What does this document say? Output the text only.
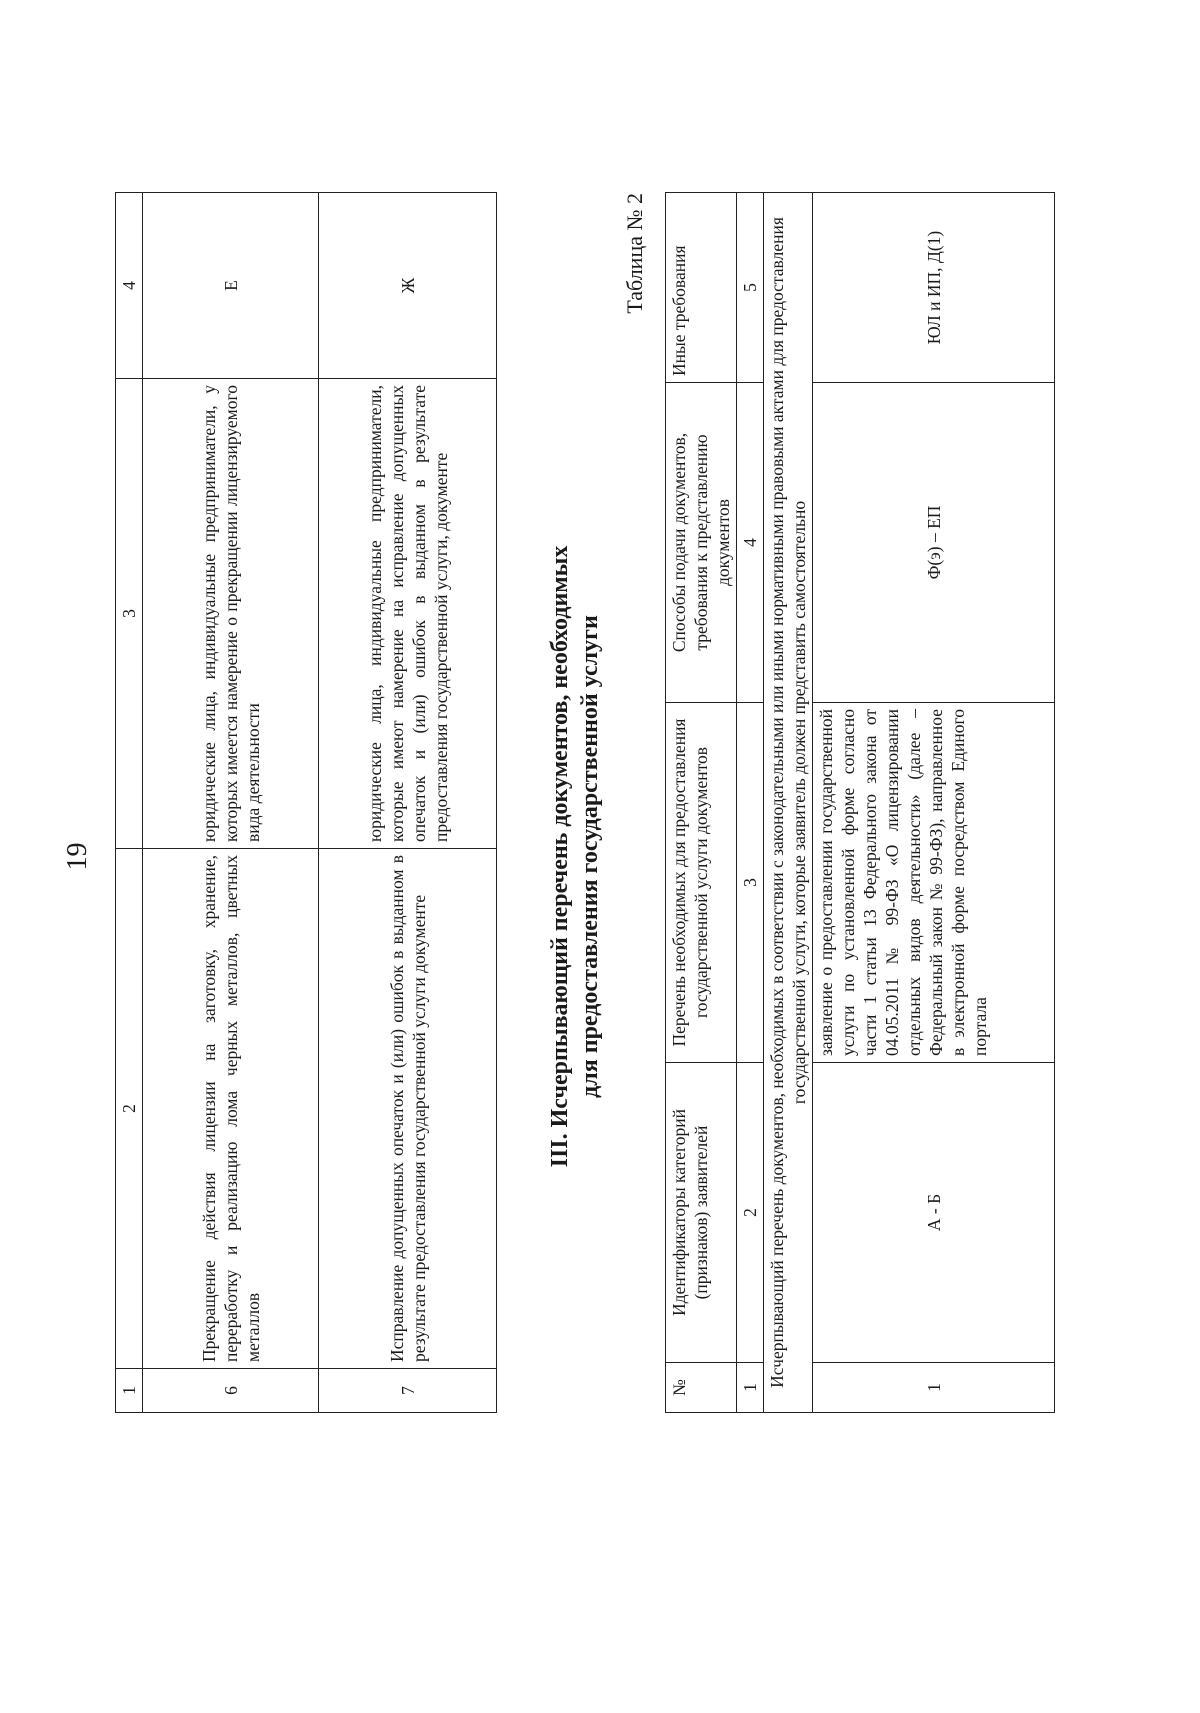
19
1	2	3	4
6	Прекращение действия лицензии на заготовку, хранение, переработку и реализацию лома черных металлов, цветных металлов	юридические лица, индивидуальные предприниматели, у которых имеется намерение о прекращении лицензируемого вида деятельности	Е
7	Исправление допущенных опечаток и (или) ошибок в выданном в результате предоставления государственной услуги документе	юридические лица, индивидуальные предприниматели, которые имеют намерение на исправление допущенных опечаток и (или) ошибок в выданном в результате предоставления государственной услуги, документе	Ж
III. Исчерпывающий перечень документов, необходимых для предоставления государственной услуги
Таблица № 2
№	Идентификаторы категорий (признаков) заявителей	Перечень необходимых для предоставления государственной услуги документов	Способы подачи документов, требования к представлению документов	Иные требования
1	2	3	4	5
Исчерпывающий перечень документов, необходимых в соответствии с законодательными или иными нормативными правовыми актами для предоставления государственной услуги, которые заявитель должен представить самостоятельно				
1	А - Б	заявление о предоставлении государственной услуги по установленной форме согласно части 1 статьи 13 Федерального закона от 04.05.2011 № 99-ФЗ «О лицензировании отдельных видов деятельности» (далее – Федеральный закон № 99-ФЗ), направленное в электронной форме посредством Единого портала	Ф(э) – ЕП	ЮЛ и ИП, Д(1)
